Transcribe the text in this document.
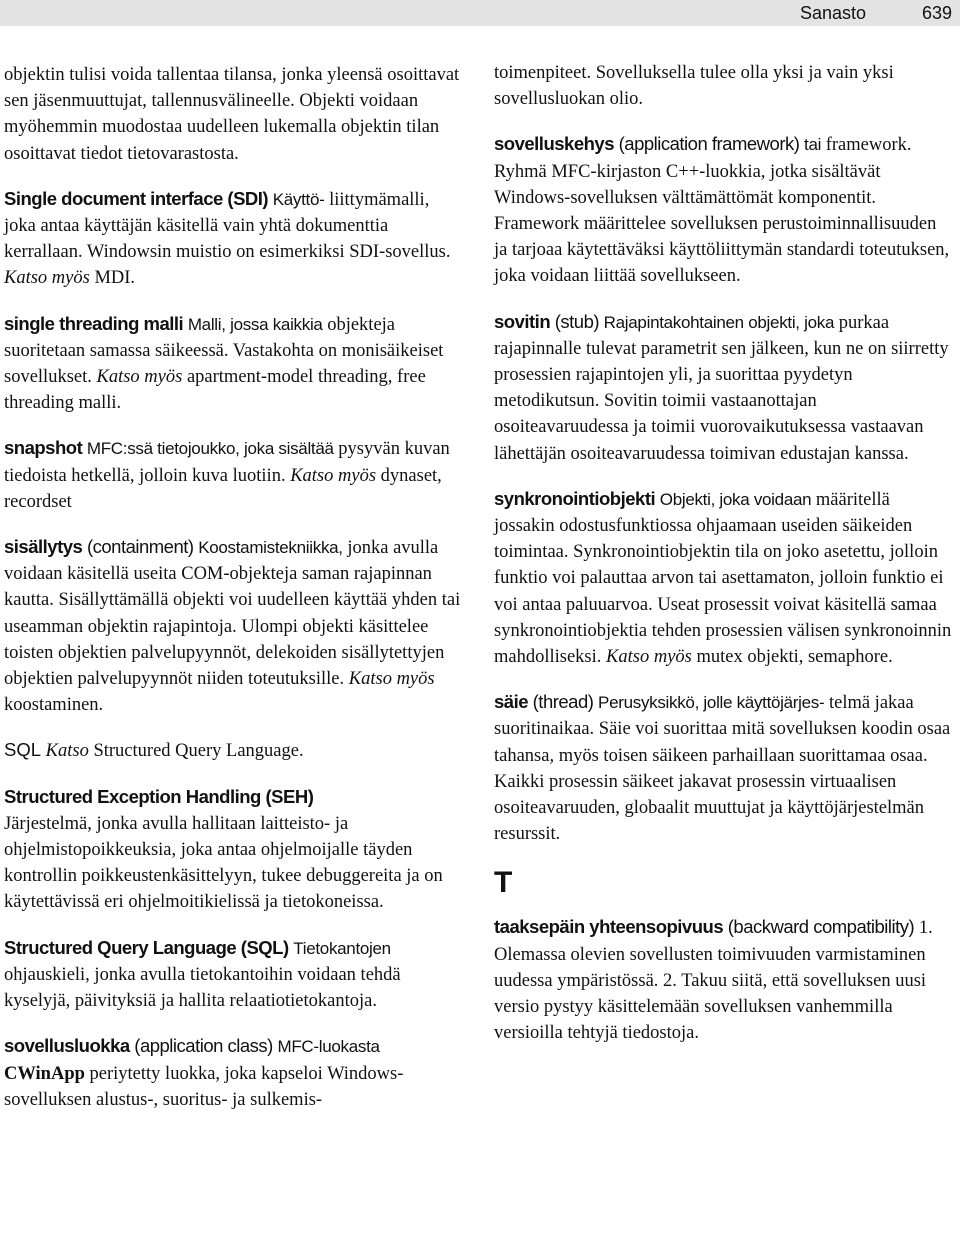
Sanasto	639

objektin tulisi voida tallentaa tilansa, jonka yleensä osoittavat sen jäsenmuuttujat, tallennusvälineelle. Objekti voidaan myöhemmin muodostaa uudelleen lukemalla objektin tilan osoittavat tiedot tietovarastosta.

Single document interface (SDI) Käyttö- liittymämalli, joka antaa käyttäjän käsitellä vain yhtä dokumenttia kerrallaan. Windowsin muistio on esimerkiksi SDI-sovellus. Katso myös MDI.

single threading malli Malli, jossa kaikkia objekteja suoritetaan samassa säikeessä. Vastakohta on monisäikeiset sovellukset. Katso myös apartment-model threading, free threading malli.

snapshot MFC:ssä tietojoukko, joka sisältää pysyvän kuvan tiedoista hetkellä, jolloin kuva luotiin. Katso myös dynaset, recordset

sisällytys (containment) Koostamistekniikka, jonka avulla voidaan käsitellä useita COM-objekteja saman rajapinnan kautta. Sisällyttämällä objekti voi uudelleen käyttää yhden tai useamman objektin rajapintoja. Ulompi objekti käsittelee toisten objektien palvelupyynnöt, delekoiden sisällytettyjen objektien palvelupyynnöt niiden toteutuksille. Katso myös koostaminen.

SQL Katso Structured Query Language.

Structured Exception Handling (SEH)
Järjestelmä, jonka avulla hallitaan laitteisto- ja ohjelmistopoikkeuksia, joka antaa ohjelmoijalle täyden kontrollin poikkeustenkäsittelyyn, tukee debuggereita ja on käytettävissä eri ohjelmoitikielissä ja tietokoneissa.

Structured Query Language (SQL) Tietokantojen ohjauskieli, jonka avulla tietokantoihin voidaan tehdä kyselyjä, päivityksiä ja hallita relaatiotietokantoja.

sovellusluokka (application class) MFC-luokasta CWinApp periytetty luokka, joka kapseloi Windows-sovelluksen alustus-, suoritus- ja sulkemis-

toimenpiteet. Sovelluksella tulee olla yksi ja vain yksi sovellusluokan olio.

sovelluskehys (application framework) tai framework. Ryhmä MFC-kirjaston C++-luokkia, jotka sisältävät Windows-sovelluksen välttämättömät komponentit. Framework määrittelee sovelluksen perustoiminnallisuuden ja tarjoaa käytettäväksi käyttöliittymän standardi toteutuksen, joka voidaan liittää sovellukseen.

sovitin (stub) Rajapintakohtainen objekti, joka purkaa rajapinnalle tulevat parametrit sen jälkeen, kun ne on siirretty prosessien rajapintojen yli, ja suorittaa pyydetyn metodikutsun. Sovitin toimii vastaanottajan osoiteavaruudessa ja toimii vuorovaikutuksessa vastaavan lähettäjän osoiteavaruudessa toimivan edustajan kanssa.

synkronointiobjekti Objekti, joka voidaan määritellä jossakin odostusfunktiossa ohjaamaan useiden säikeiden toimintaa. Synkronointiobjektin tila on joko asetettu, jolloin funktio voi palauttaa arvon tai asettamaton, jolloin funktio ei voi antaa paluuarvoa. Useat prosessit voivat käsitellä samaa synkronointiobjektia tehden prosessien välisen synkronoinnin mahdolliseksi. Katso myös mutex objekti, semaphore.

säie (thread) Perusyksikkö, jolle käyttöjärjes- telmä jakaa suoritinaikaa. Säie voi suorittaa mitä sovelluksen koodin osaa tahansa, myös toisen säikeen parhaillaan suorittamaa osaa. Kaikki prosessin säikeet jakavat prosessin virtuaalisen osoiteavaruuden, globaalit muuttujat ja käyttöjärjestelmän resurssit.

T

taaksepäin yhteensopivuus (backward compatibility) 1. Olemassa olevien sovellusten toimivuuden varmistaminen uudessa ympäristössä. 2. Takuu siitä, että sovelluksen uusi versio pystyy käsittelemään sovelluksen vanhemmilla versioilla tehtyjä tiedostoja.
